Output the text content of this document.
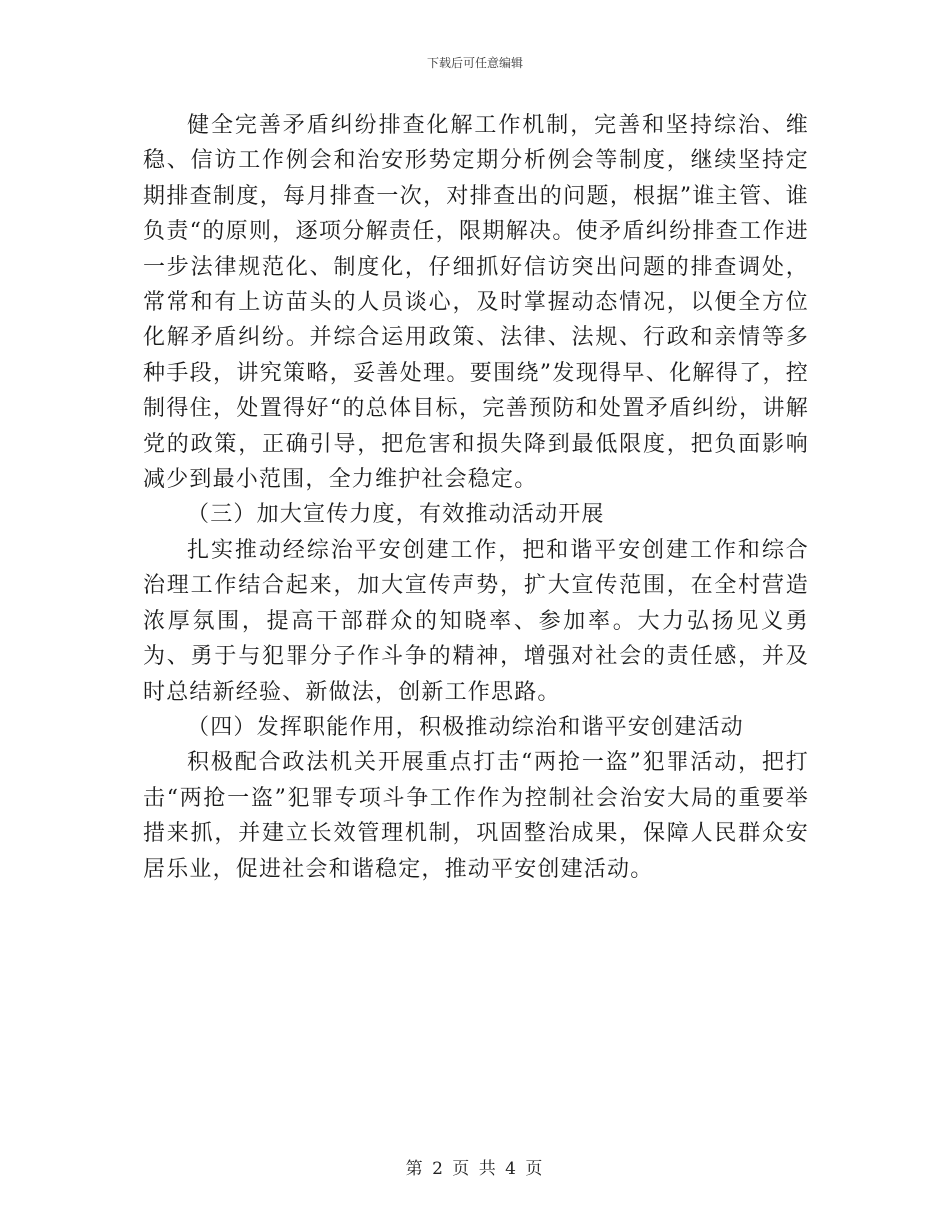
下载后可任意编辑

健全完善矛盾纠纷排查化解工作机制，完善和坚持综治、维稳、信访工作例会和治安形势定期分析例会等制度，继续坚持定期排查制度，每月排查一次，对排查出的问题，根据”谁主管、谁负责“的原则，逐项分解责任，限期解决。使矛盾纠纷排查工作进一步法律规范化、制度化，仔细抓好信访突出问题的排查调处，常常和有上访苗头的人员谈心，及时掌握动态情况，以便全方位化解矛盾纠纷。并综合运用政策、法律、法规、行政和亲情等多种手段，讲究策略，妥善处理。要围绕”发现得早、化解得了，控制得住，处置得好“的总体目标，完善预防和处置矛盾纠纷，讲解党的政策，正确引导，把危害和损失降到最低限度，把负面影响减少到最小范围，全力维护社会稳定。

（三）加大宣传力度，有效推动活动开展

扎实推动经综治平安创建工作，把和谐平安创建工作和综合治理工作结合起来，加大宣传声势，扩大宣传范围，在全村营造浓厚氛围，提高干部群众的知晓率、参加率。大力弘扬见义勇为、勇于与犯罪分子作斗争的精神，增强对社会的责任感，并及时总结新经验、新做法，创新工作思路。

（四）发挥职能作用，积极推动综治和谐平安创建活动

积极配合政法机关开展重点打击“两抢一盗”犯罪活动，把打击“两抢一盗”犯罪专项斗争工作作为控制社会治安大局的重要举措来抓，并建立长效管理机制，巩固整治成果，保障人民群众安居乐业，促进社会和谐稳定，推动平安创建活动。

第 2 页 共 4 页
